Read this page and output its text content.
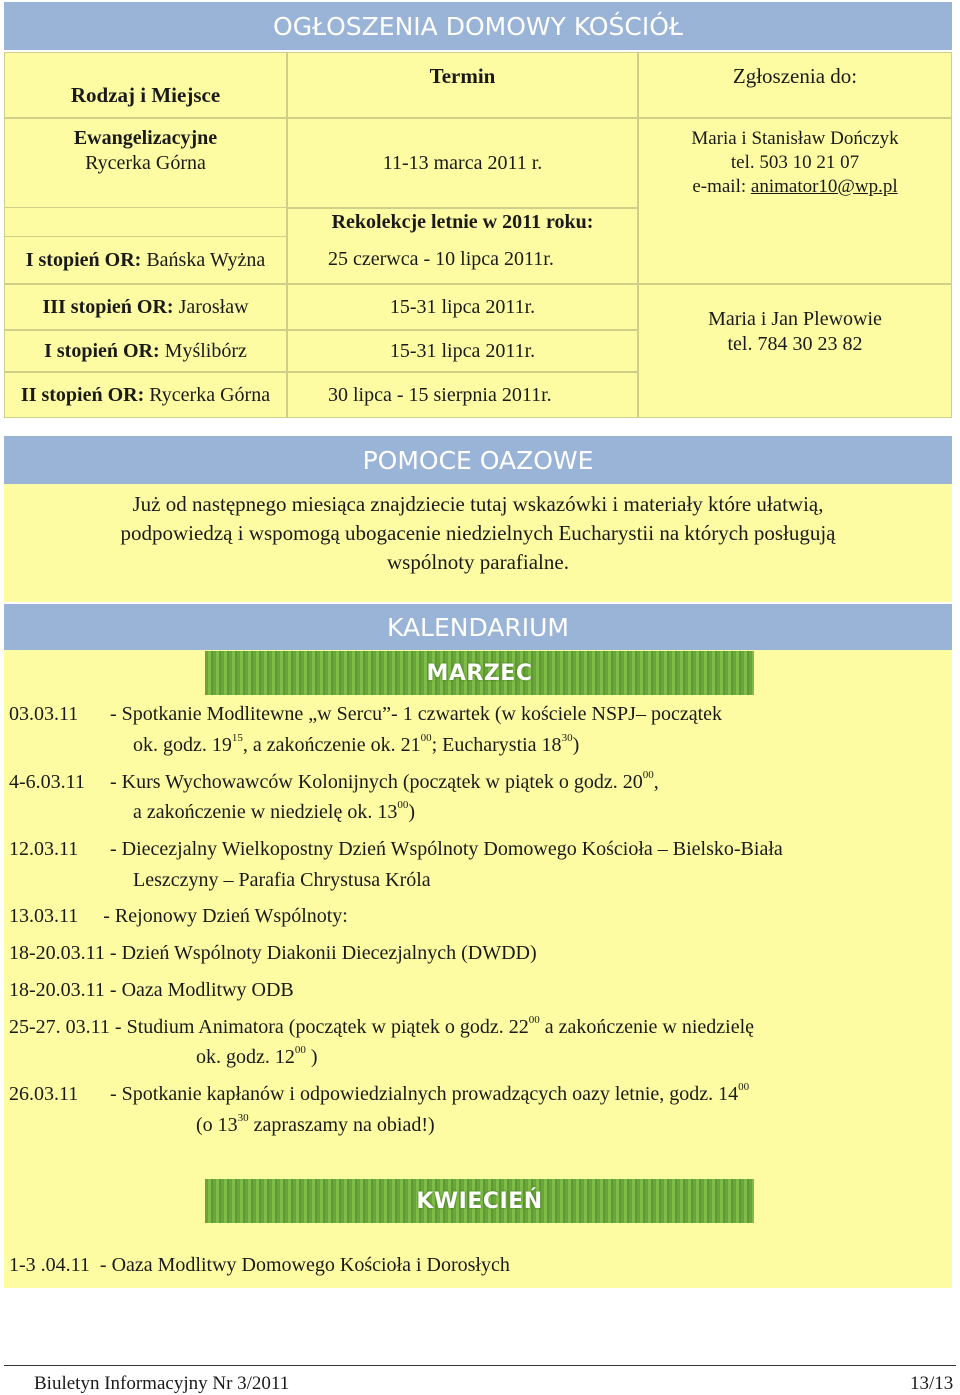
OGŁOSZENIA DOMOWY KOŚCIÓŁ
Rodzaj i Miejsce
Ewangelizacyjne
Rycerka Górna
I stopień OR: Bańska Wyżna
III stopień OR: Jarosław
I stopień OR: Myślibórz
II stopień OR: Rycerka Górna
Termin
11-13 marca 2011 r.
Rekolekcje letnie w 2011 roku:
25 czerwca - 10 lipca 2011r.
15-31 lipca 2011r.
15-31 lipca 2011r.
30 lipca - 15 sierpnia 2011r.
Zgłoszenia do:
Maria i Stanisław Dończyk
tel. 503 10 21 07
e-mail: animator10@wp.pl
Maria i Jan Plewowie
tel. 784 30 23 82
POMOCE OAZOWE
Już od następnego miesiąca znajdziecie tutaj wskazówki i materiały które ułatwią,
podpowiedzą i wspomogą ubogacenie niedzielnych Eucharystii na których posługują
wspólnoty parafialne.
KALENDARIUM
MARZEC
03.03.11 - Spotkanie Modlitewne „w Sercu”- 1 czwartek (w kościele NSPJ– początek
ok. godz. $19^{15}$, a zakończenie ok. $21^{00}$; Eucharystia $18^{30}$)
4-6.03.11 - Kurs Wychowawców Kolonijnych (początek w piątek o godz. $20^{00}$,
a zakończenie w niedzielę ok. $13^{00}$)
12.03.11 - Diecezjalny Wielkopostny Dzień Wspólnoty Domowego Kościoła – Bielsko-Biała
Leszczyny – Parafia Chrystusa Króla
13.03.11     - Rejonowy Dzień Wspólnoty:
18-20.03.11 - Dzień Wspólnoty Diakonii Diecezjalnych (DWDD)
18-20.03.11 - Oaza Modlitwy ODB
25-27. 03.11 - Studium Animatora (początek w piątek o godz. $22^{00}$ a zakończenie w niedzielę
ok. godz. $12^{00}$ )
26.03.11 - Spotkanie kapłanów i odpowiedzialnych prowadzących oazy letnie, godz. $14^{00}$
(o $13^{30}$ zapraszamy na obiad!)
KWIECIEŃ
1-3 .04.11  - Oaza Modlitwy Domowego Kościoła i Dorosłych
Biuletyn Informacyjny Nr 3/2011	13/13
